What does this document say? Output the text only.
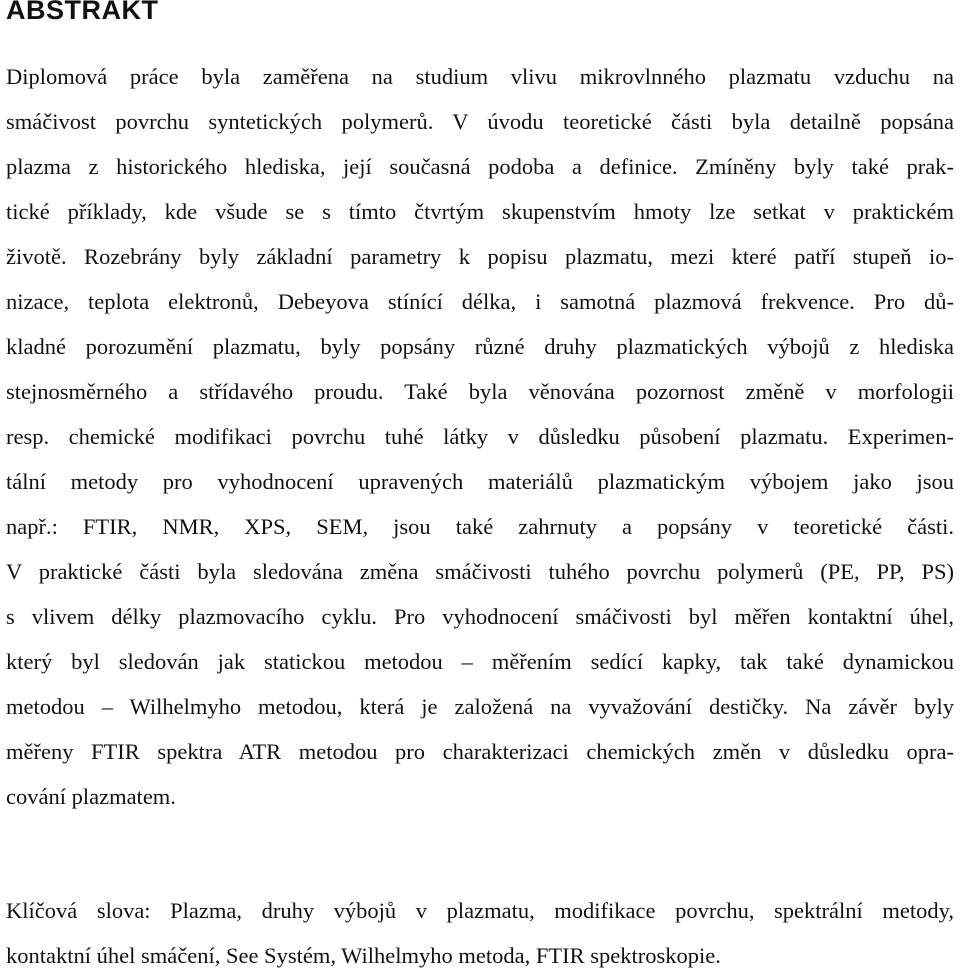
ABSTRAKT
Diplomová práce byla zaměřena na studium vlivu mikrovlnného plazmatu vzduchu na
smáčivost povrchu syntetických polymerů. V úvodu teoretické části byla detailně popsána
plazma z historického hlediska, její současná podoba a definice. Zmíněny byly také prak-
tické příklady, kde všude se s tímto čtvrtým skupenstvím hmoty lze setkat v praktickém
životě. Rozebrány byly základní parametry k popisu plazmatu, mezi které patří stupeň io-
nizace, teplota elektronů, Debeyova stínící délka, i samotná plazmová frekvence. Pro dů-
kladné porozumění plazmatu, byly popsány různé druhy plazmatických výbojů z hlediska
stejnosměrného a střídavého proudu. Také byla věnována pozornost změně v morfologii
resp. chemické modifikaci povrchu tuhé látky v důsledku působení plazmatu. Experimen-
tální metody pro vyhodnocení upravených materiálů plazmatickým výbojem jako jsou
např.: FTIR, NMR, XPS, SEM, jsou také zahrnuty a popsány v teoretické části.
V praktické části byla sledována změna smáčivosti tuhého povrchu polymerů (PE, PP, PS)
s vlivem délky plazmovacího cyklu. Pro vyhodnocení smáčivosti byl měřen kontaktní úhel,
který byl sledován jak statickou metodou – měřením sedící kapky, tak také dynamickou
metodou – Wilhelmyho metodou, která je založená na vyvažování destičky. Na závěr byly
měřeny FTIR spektra ATR metodou pro charakterizaci chemických změn v důsledku opra-
cování plazmatem.
Klíčová slova: Plazma, druhy výbojů v plazmatu, modifikace povrchu, spektrální metody,
kontaktní úhel smáčení, See Systém, Wilhelmyho metoda, FTIR spektroskopie.
